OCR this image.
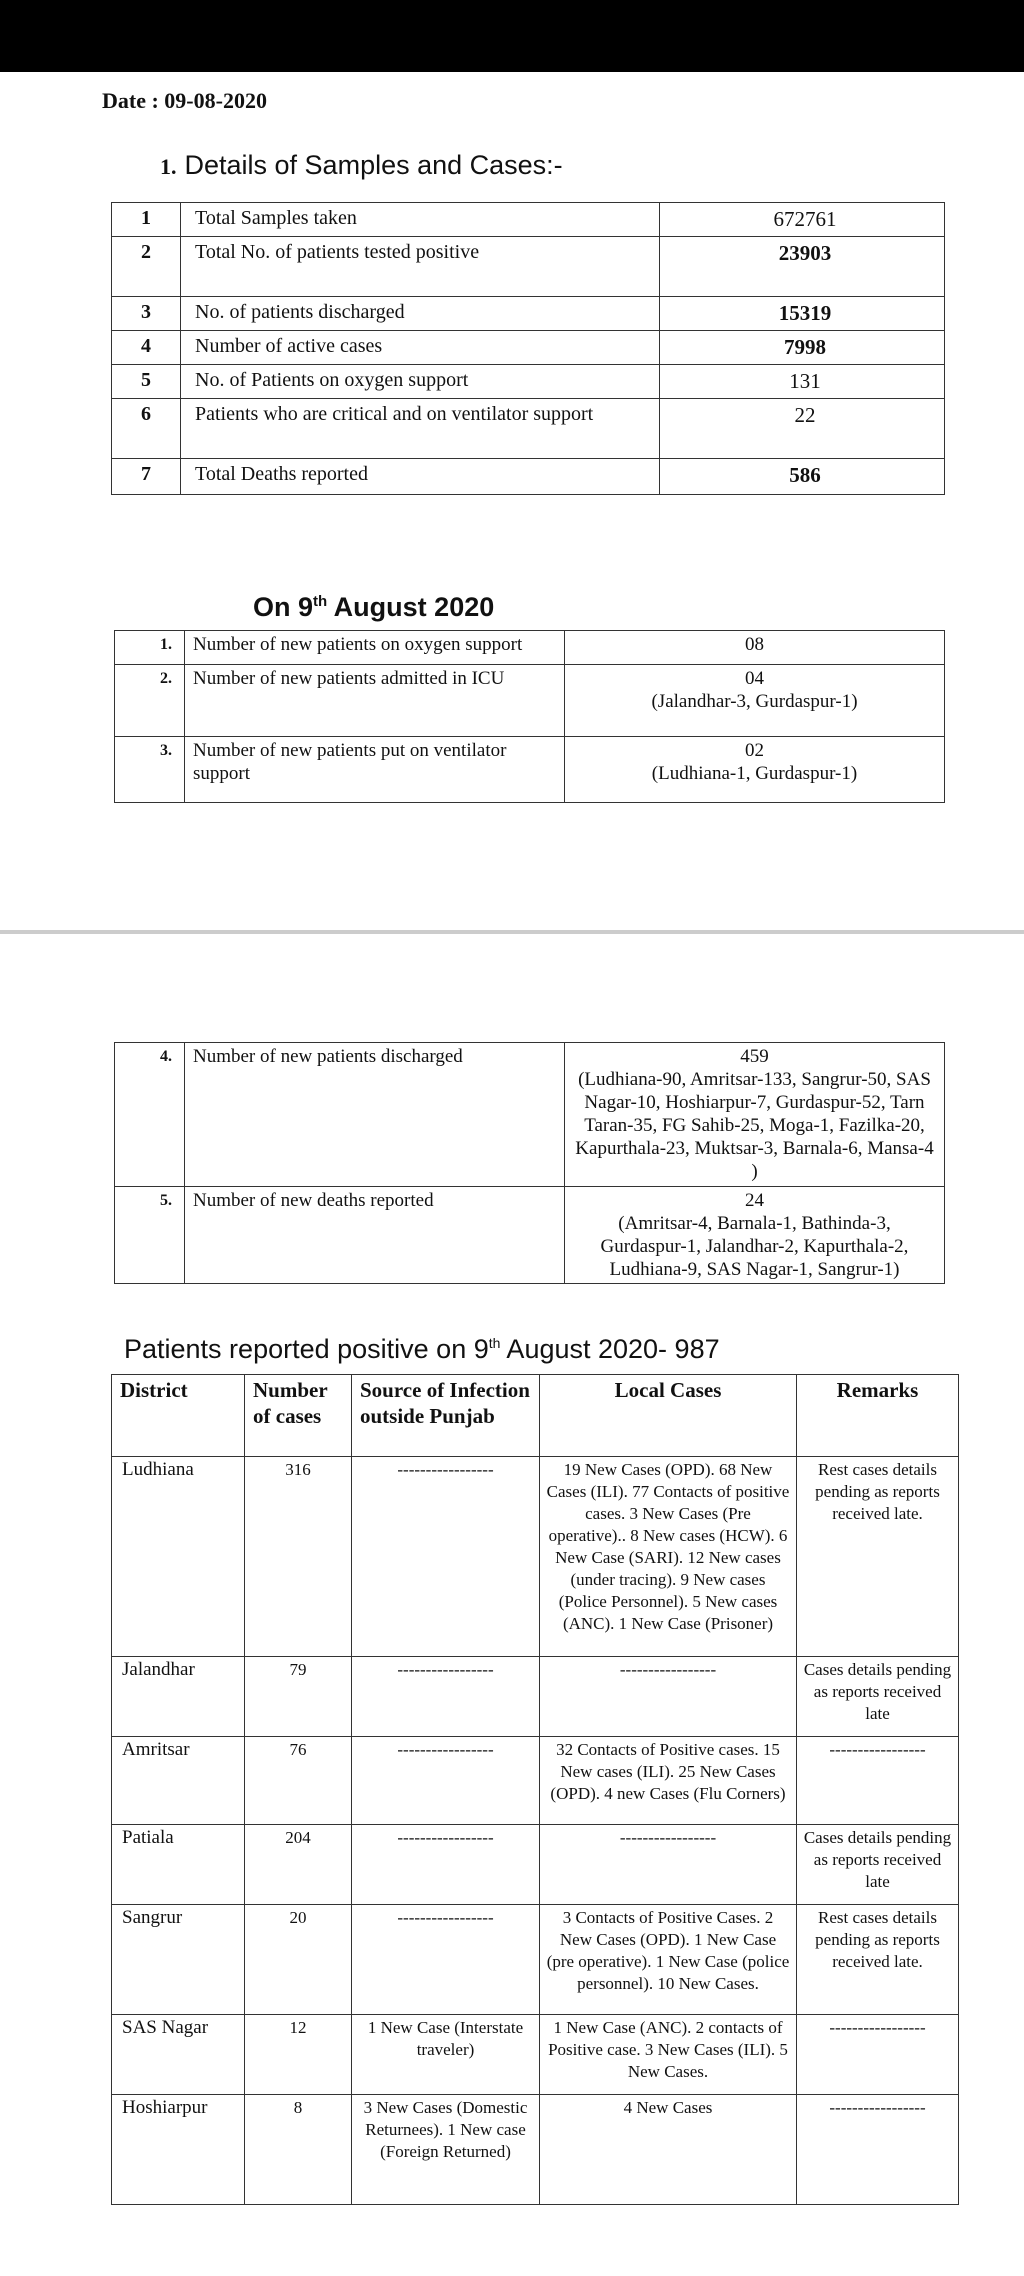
Date : 09-08-2020
1. Details of Samples and Cases:-
1	Total Samples taken	672761
2	Total No. of patients tested positive	23903
3	No. of patients discharged	15319
4	Number of active cases	7998
5	No. of Patients on oxygen support	131
6	Patients who are critical and on ventilator support	22
7	Total Deaths reported	586
On 9th August 2020
1.	Number of new patients on oxygen support	08

2.	Number of new patients admitted in ICU	04
(Jalandhar-3, Gurdaspur-1)

3.	Number of new patients put on ventilator support	02
(Ludhiana-1, Gurdaspur-1)
4.	Number of new patients discharged	459
(Ludhiana-90, Amritsar-133, Sangrur-50, SAS Nagar-10, Hoshiarpur-7, Gurdaspur-52, Tarn Taran-35, FG Sahib-25, Moga-1, Fazilka-20, Kapurthala-23, Muktsar-3, Barnala-6, Mansa-4 )

5.	Number of new deaths reported	24
(Amritsar-4, Barnala-1, Bathinda-3, Gurdaspur-1, Jalandhar-2, Kapurthala-2, Ludhiana-9, SAS Nagar-1, Sangrur-1)
Patients reported positive on 9th August 2020- 987
District	Number of cases	Source of Infection outside Punjab	Local Cases	Remarks
Ludhiana	316	-----------------	19 New Cases (OPD). 68 New Cases (ILI). 77 Contacts of positive cases. 3 New Cases (Pre operative).. 8 New cases (HCW). 6 New Case (SARI). 12 New cases (under tracing). 9 New cases (Police Personnel). 5 New cases (ANC). 1 New Case (Prisoner)	Rest cases details pending as reports received late.
Jalandhar	79	-----------------	-----------------	Cases details pending as reports received late
Amritsar	76	-----------------	32 Contacts of Positive cases. 15 New cases (ILI). 25 New Cases (OPD). 4 new Cases (Flu Corners)	-----------------
Patiala	204	-----------------	-----------------	Cases details pending as reports received late
Sangrur	20	-----------------	3 Contacts of Positive Cases. 2 New Cases (OPD). 1 New Case (pre operative). 1 New Case (police personnel). 10 New Cases.	Rest cases details pending as reports received late.
SAS Nagar	12	1 New Case (Interstate traveler)	1 New Case (ANC). 2 contacts of Positive case. 3 New Cases (ILI). 5 New Cases.	-----------------
Hoshiarpur	8	3 New Cases (Domestic Returnees). 1 New case (Foreign Returned)	4 New Cases	-----------------
